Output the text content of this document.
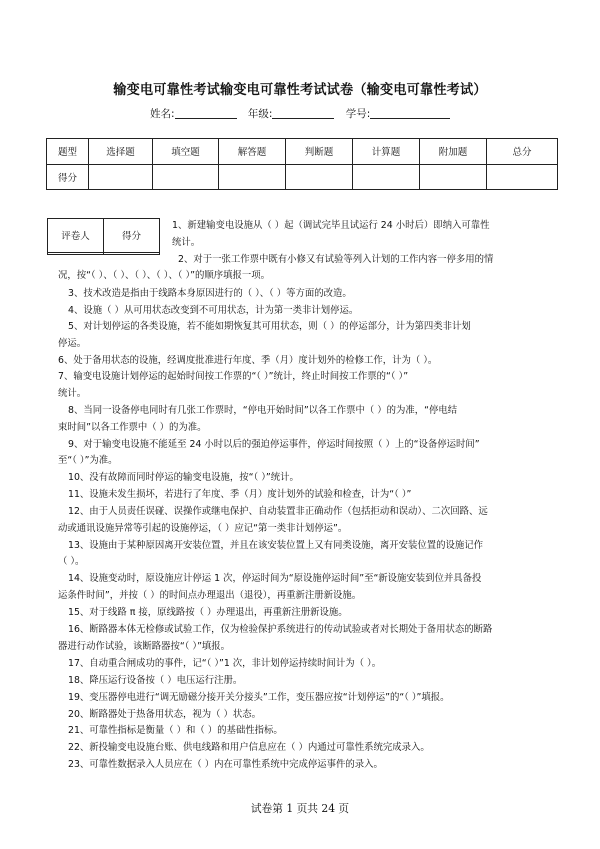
输变电可靠性考试输变电可靠性考试试卷（输变电可靠性考试）
姓名:	年级:	学号:
题型	选择题	填空题	解答题	判断题	计算题	附加题	总分
得分							
评卷人	得分

1、新建输变电设施从（ ）起（调试完毕且试运行 24 小时后）即纳入可靠性
统计。
2、对于一张工作票中既有小修又有试验等列入计划的工作内容一停多用的情
况，按“（ ）、（ ）、（ ）、（ ）、（ ）”的顺序填报一项。
3、技术改造是指由于线路本身原因进行的（ ）、（ ）等方面的改造。
4、设施（ ）从可用状态改变到不可用状态，计为第一类非计划停运。
5、对计划停运的各类设施，若不能如期恢复其可用状态，则（ ）的停运部分，计为第四类非计划
停运。
6、处于备用状态的设施，经调度批准进行年度、季（月）度计划外的检修工作，计为（ ）。
7、输变电设施计划停运的起始时间按工作票的“（ ）”统计，终止时间按工作票的“（ ）”
统计。
8、当同一设备停电同时有几张工作票时，“停电开始时间”以各工作票中（ ）的为准，“停电结
束时间”以各工作票中（ ）的为准。
9、对于输变电设施不能延至 24 小时以后的强迫停运事件，停运时间按照（ ）上的“设备停运时间”
至“（ ）”为准。
10、没有故障而同时停运的输变电设施，按“（ ）”统计。
11、设施未发生损坏，若进行了年度、季（月）度计划外的试验和检查，计为“（ ）”
12、由于人员责任误碰、误操作或继电保护、自动装置非正确动作（包括拒动和误动）、二次回路、远
动或通讯设施异常等引起的设施停运，（ ）应记“第一类非计划停运”。
13、设施由于某种原因离开安装位置，并且在该安装位置上又有同类设施，离开安装位置的设施记作
（ ）。
14、设施变动时，原设施应计停运 1 次，停运时间为“原设施停运时间”至“新设施安装到位并具备投
运条件时间”，并按（ ）的时间点办理退出（退役），再重新注册新设施。
15、对于线路 π 接，原线路按（ ）办理退出，再重新注册新设施。
16、断路器本体无检修或试验工作，仅为检验保护系统进行的传动试验或者对长期处于备用状态的断路
器进行动作试验，该断路器按“（ ）”填报。
17、自动重合闸成功的事件，记“（ ）”1 次，非计划停运持续时间计为（ ）。
18、降压运行设备按（ ）电压运行注册。
19、变压器停电进行“调无励磁分接开关分接头”工作，变压器应按“计划停运”的“（ ）”填报。
20、断路器处于热备用状态，视为（ ）状态。
21、可靠性指标是衡量（ ）和（ ）的基础性指标。
22、新投输变电设施台账、供电线路和用户信息应在（ ）内通过可靠性系统完成录入。
23、可靠性数据录入人员应在（ ）内在可靠性系统中完成停运事件的录入。
试卷第 1 页共 24 页
